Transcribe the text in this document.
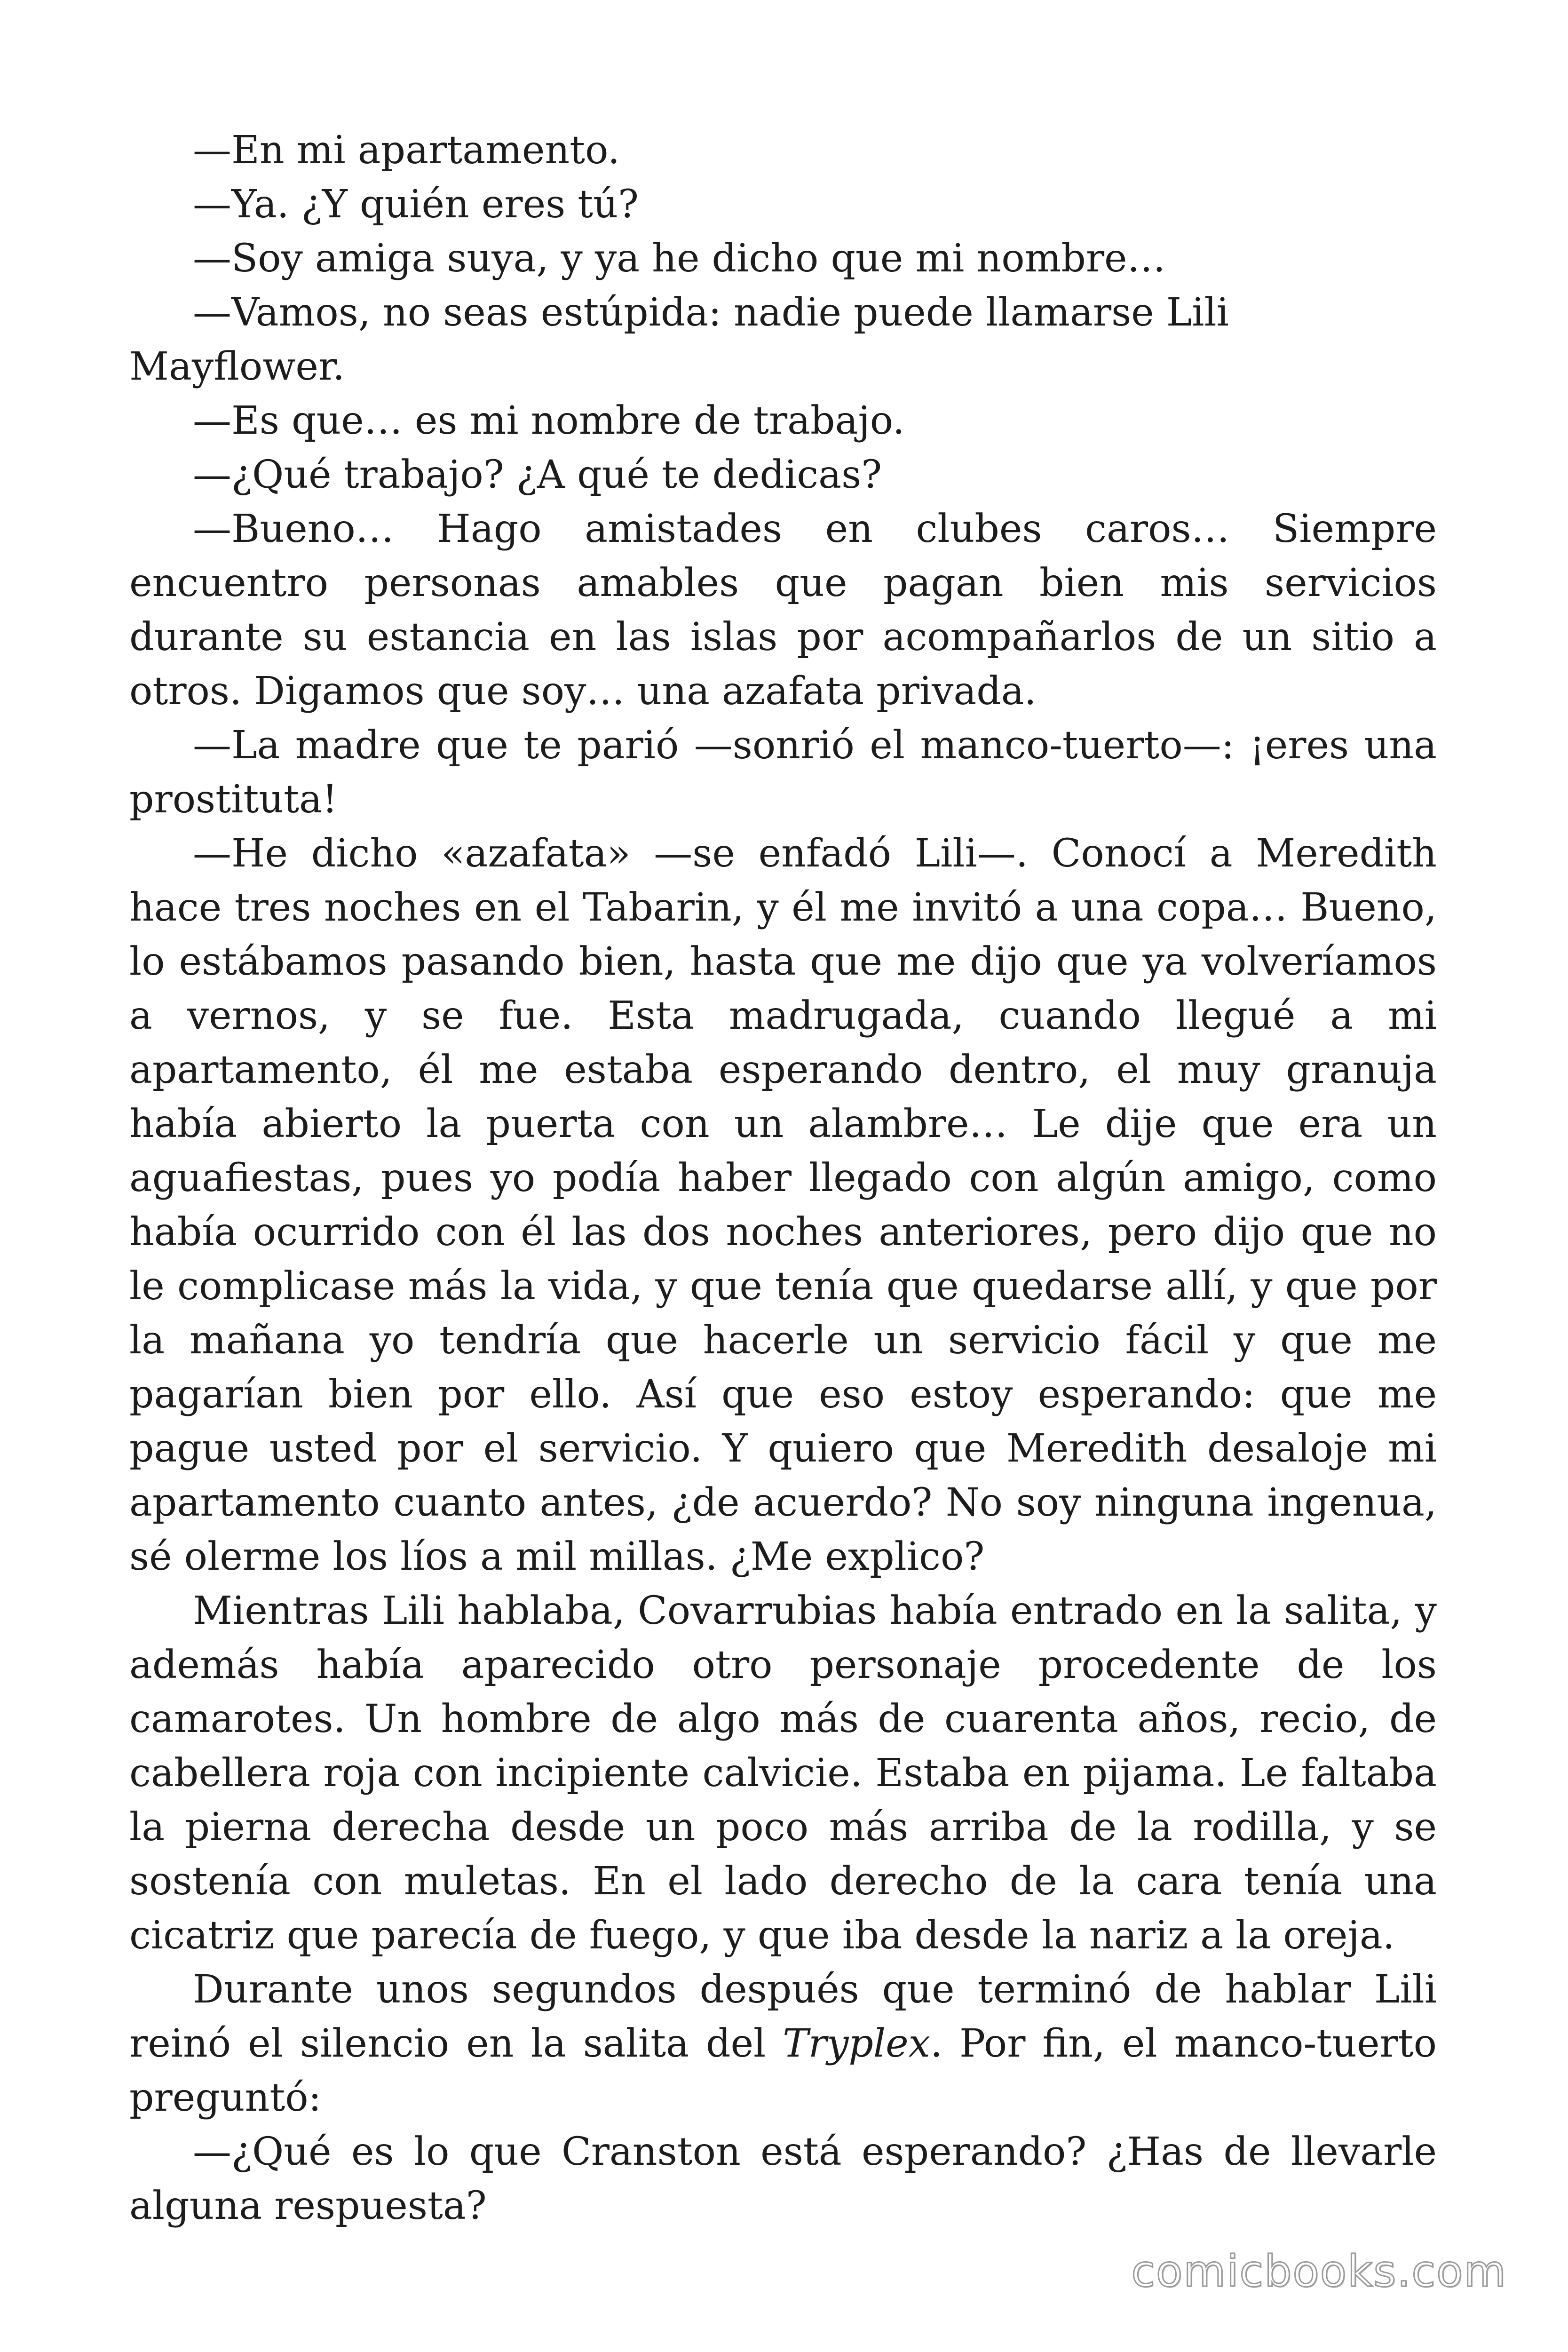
—En mi apartamento.

—Ya. ¿Y quién eres tú?

—Soy amiga suya, y ya he dicho que mi nombre…

—Vamos, no seas estúpida: nadie puede llamarse Lili Mayflower.

—Es que… es mi nombre de trabajo.

—¿Qué trabajo? ¿A qué te dedicas?

—Bueno… Hago amistades en clubes caros… Siempre encuentro personas amables que pagan bien mis servicios durante su estancia en las islas por acompañarlos de un sitio a otros. Digamos que soy… una azafata privada.

—La madre que te parió —sonrió el manco-tuerto—: ¡eres una prostituta!

—He dicho «azafata» —se enfadó Lili—. Conocí a Meredith hace tres noches en el Tabarin, y él me invitó a una copa… Bueno, lo estábamos pasando bien, hasta que me dijo que ya volveríamos a vernos, y se fue. Esta madrugada, cuando llegué a mi apartamento, él me estaba esperando dentro, el muy granuja había abierto la puerta con un alambre… Le dije que era un aguafiestas, pues yo podía haber llegado con algún amigo, como había ocurrido con él las dos noches anteriores, pero dijo que no le complicase más la vida, y que tenía que quedarse allí, y que por la mañana yo tendría que hacerle un servicio fácil y que me pagarían bien por ello. Así que eso estoy esperando: que me pague usted por el servicio. Y quiero que Meredith desaloje mi apartamento cuanto antes, ¿de acuerdo? No soy ninguna ingenua, sé olerme los líos a mil millas. ¿Me explico?

Mientras Lili hablaba, Covarrubias había entrado en la salita, y además había aparecido otro personaje procedente de los camarotes. Un hombre de algo más de cuarenta años, recio, de cabellera roja con incipiente calvicie. Estaba en pijama. Le faltaba la pierna derecha desde un poco más arriba de la rodilla, y se sostenía con muletas. En el lado derecho de la cara tenía una cicatriz que parecía de fuego, y que iba desde la nariz a la oreja.

Durante unos segundos después que terminó de hablar Lili reinó el silencio en la salita del Tryplex. Por fin, el manco-tuerto preguntó:

—¿Qué es lo que Cranston está esperando? ¿Has de llevarle alguna respuesta?

comicbooks.com
